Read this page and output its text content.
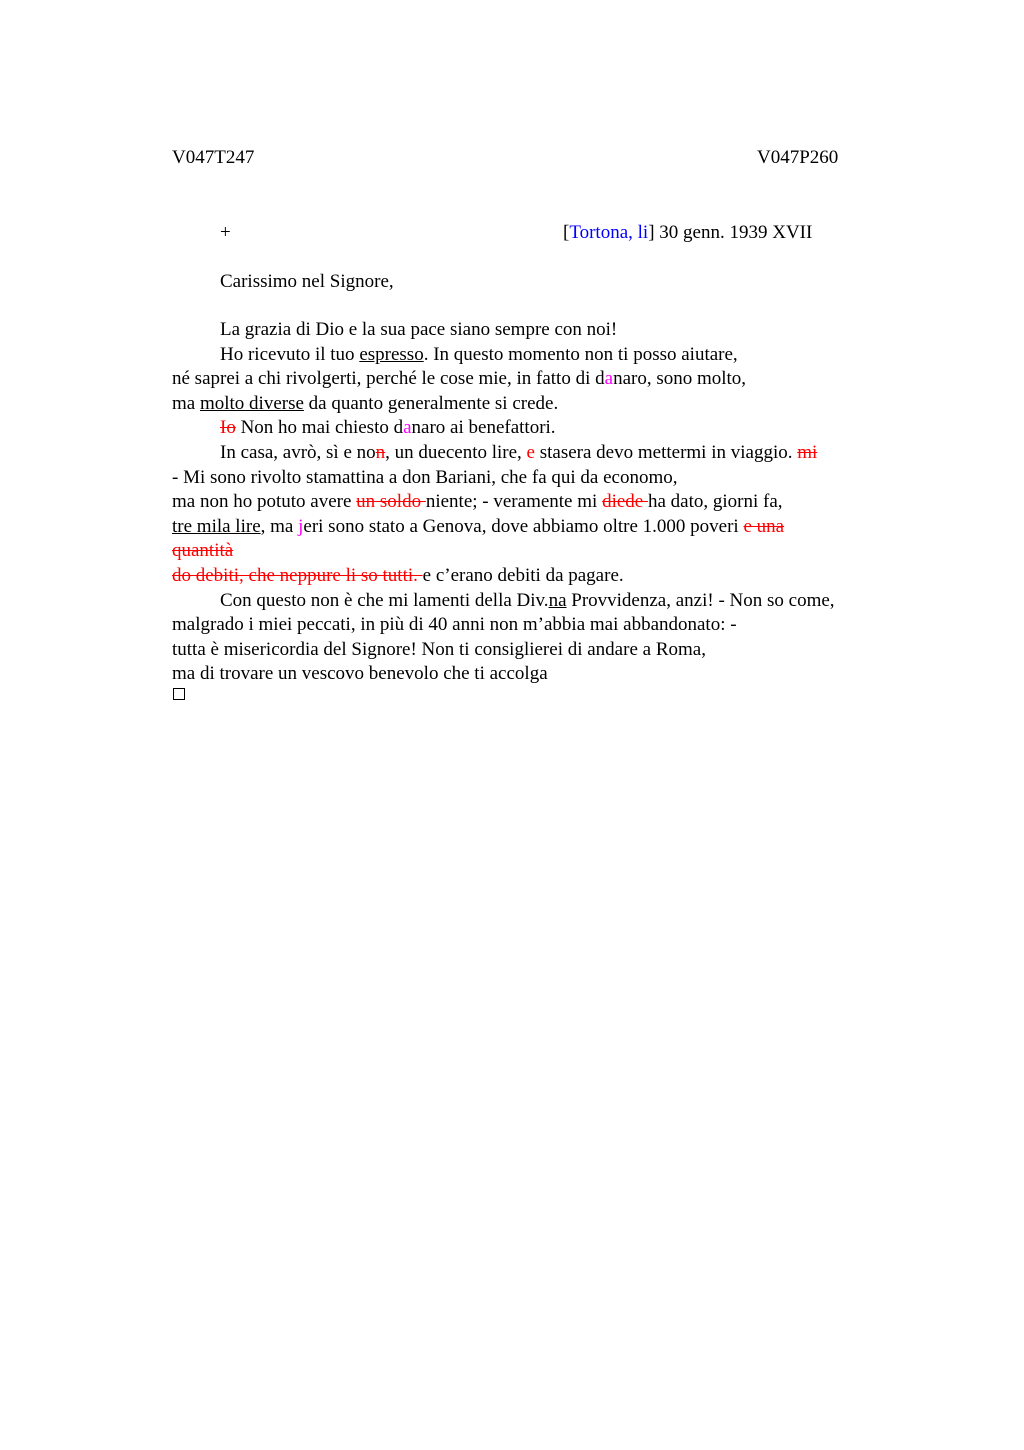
V047T247	V047P260
+	[Tortona, li] 30 genn. 1939 XVII
Carissimo nel Signore,
La grazia di Dio e la sua pace siano sempre con noi!
Ho ricevuto il tuo espresso. In questo momento non ti posso aiutare,
né saprei a chi rivolgerti, perché le cose mie, in fatto di danaro, sono molto,
ma molto diverse da quanto generalmente si crede.
Io Non ho mai chiesto danaro ai benefattori.
In casa, avrò, sì e non, un duecento lire, e stasera devo mettermi in viaggio. mi
- Mi sono rivolto stamattina a don Bariani, che fa qui da economo,
ma non ho potuto avere un soldo niente; - veramente mi diede ha dato, giorni fa,
tre mila lire, ma jeri sono stato a Genova, dove abbiamo oltre 1.000 poveri e una
quantità
do debiti, che neppure li so tutti. e c’erano debiti da pagare.
Con questo non è che mi lamenti della Div.na Provvidenza, anzi! - Non so come,
malgrado i miei peccati, in più di 40 anni non m’abbia mai abbandonato: -
tutta è misericordia del Signore! Non ti consiglierei di andare a Roma,
ma di trovare un vescovo benevolo che ti accolga
